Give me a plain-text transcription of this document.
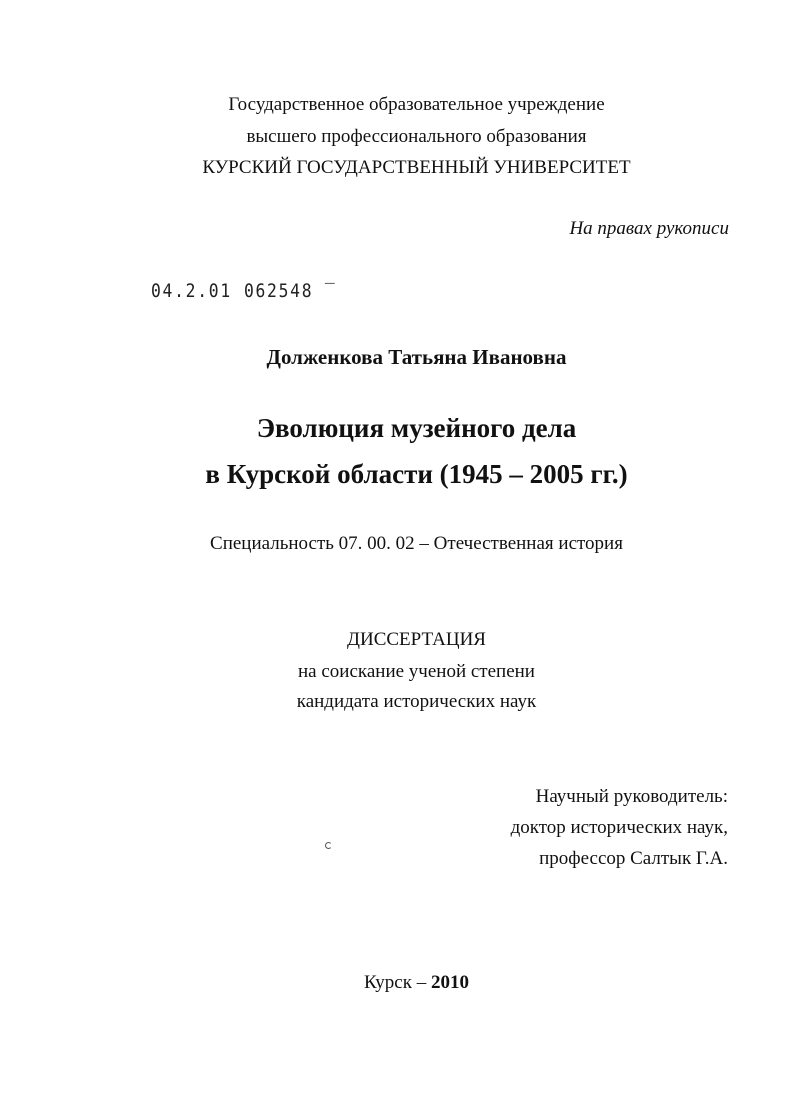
Государственное образовательное учреждение
высшего профессионального образования
КУРСКИЙ ГОСУДАРСТВЕННЫЙ УНИВЕРСИТЕТ
На правах рукописи
04.2.01 062548 ‾
Долженкова Татьяна Ивановна
Эволюция музейного дела
в Курской области (1945 – 2005 гг.)
Специальность 07. 00. 02 – Отечественная история
ДИССЕРТАЦИЯ
на соискание ученой степени
кандидата исторических наук
Научный руководитель:
доктор исторических наук,
профессор Салтык Г.А.
Курск – 2010
